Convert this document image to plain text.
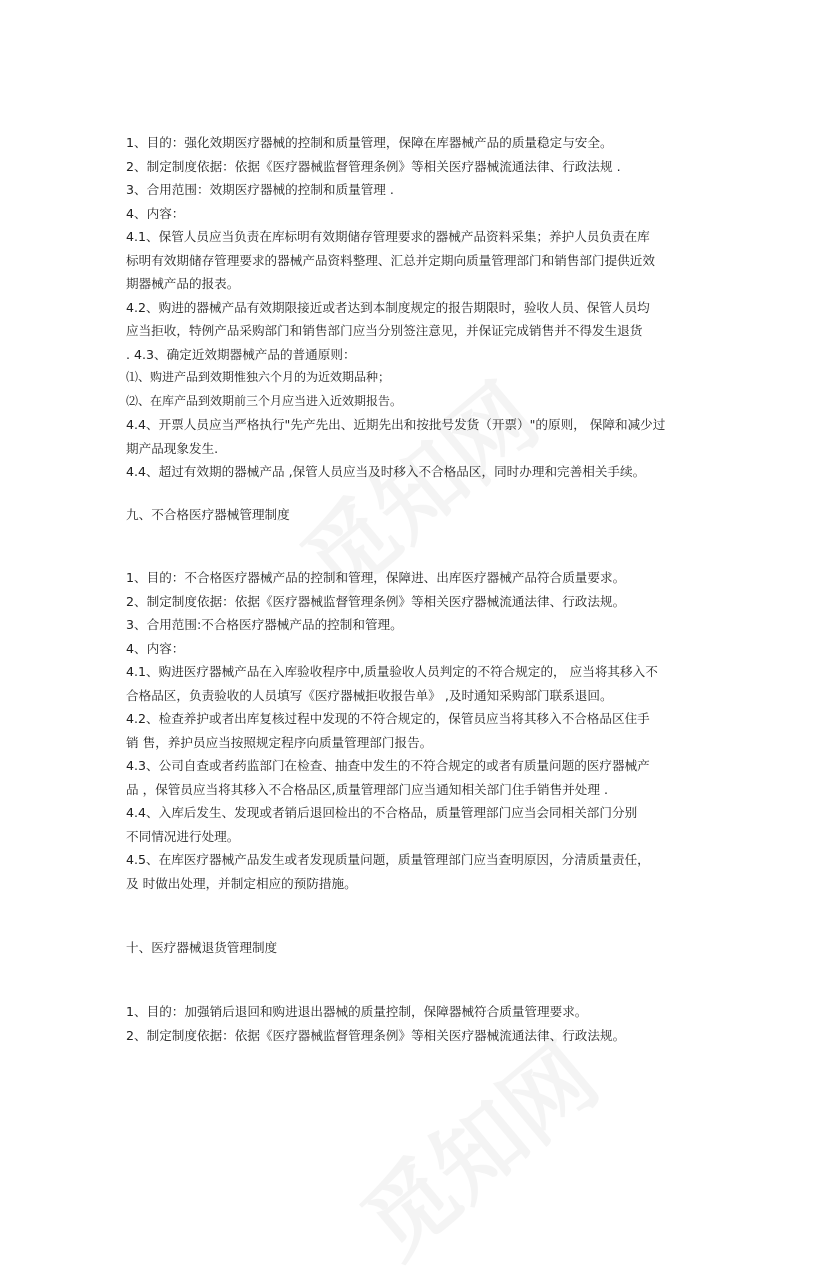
1、目的：强化效期医疗器械的控制和质量管理，保障在库器械产品的质量稳定与安全。

2、制定制度依据：依据《医疗器械监督管理条例》等相关医疗器械流通法律、行政法规 .

3、合用范围：效期医疗器械的控制和质量管理 .

4、内容：

4.1、保管人员应当负责在库标明有效期储存管理要求的器械产品资料采集；养护人员负责在库

标明有效期储存管理要求的器械产品资料整理、汇总并定期向质量管理部门和销售部门提供近效

期器械产品的报表。

4.2、购进的器械产品有效期限接近或者达到本制度规定的报告期限时，验收人员、保管人员均

应当拒收，特例产品采购部门和销售部门应当分别签注意见，并保证完成销售并不得发生退货

. 4.3、确定近效期器械产品的普通原则：

⑴、购进产品到效期惟独六个月的为近效期品种；

⑵、在库产品到效期前三个月应当进入近效期报告。

4.4、开票人员应当严格执行"先产先出、近期先出和按批号发货（开票）"的原则， 保障和减少过

期产品现象发生.

4.4、超过有效期的器械产品 ,保管人员应当及时移入不合格品区，同时办理和完善相关手续。

九、不合格医疗器械管理制度

1、目的：不合格医疗器械产品的控制和管理，保障进、出库医疗器械产品符合质量要求。

2、制定制度依据：依据《医疗器械监督管理条例》等相关医疗器械流通法律、行政法规。

3、合用范围:不合格医疗器械产品的控制和管理。

4、内容：

4.1、购进医疗器械产品在入库验收程序中,质量验收人员判定的不符合规定的， 应当将其移入不

合格品区，负责验收的人员填写《医疗器械拒收报告单》 ,及时通知采购部门联系退回。

4.2、检查养护或者出库复核过程中发现的不符合规定的，保管员应当将其移入不合格品区住手

销 售，养护员应当按照规定程序向质量管理部门报告。

4.3、公司自查或者药监部门在检查、抽查中发生的不符合规定的或者有质量问题的医疗器械产

品 ，保管员应当将其移入不合格品区,质量管理部门应当通知相关部门住手销售并处理 .

4.4、入库后发生、发现或者销后退回检出的不合格品，质量管理部门应当会同相关部门分别

不同情况进行处理。

4.5、在库医疗器械产品发生或者发现质量问题，质量管理部门应当查明原因，分清质量责任，

及 时做出处理，并制定相应的预防措施。

十、医疗器械退货管理制度

1、目的：加强销后退回和购进退出器械的质量控制，保障器械符合质量管理要求。

2、制定制度依据：依据《医疗器械监督管理条例》等相关医疗器械流通法律、行政法规。
